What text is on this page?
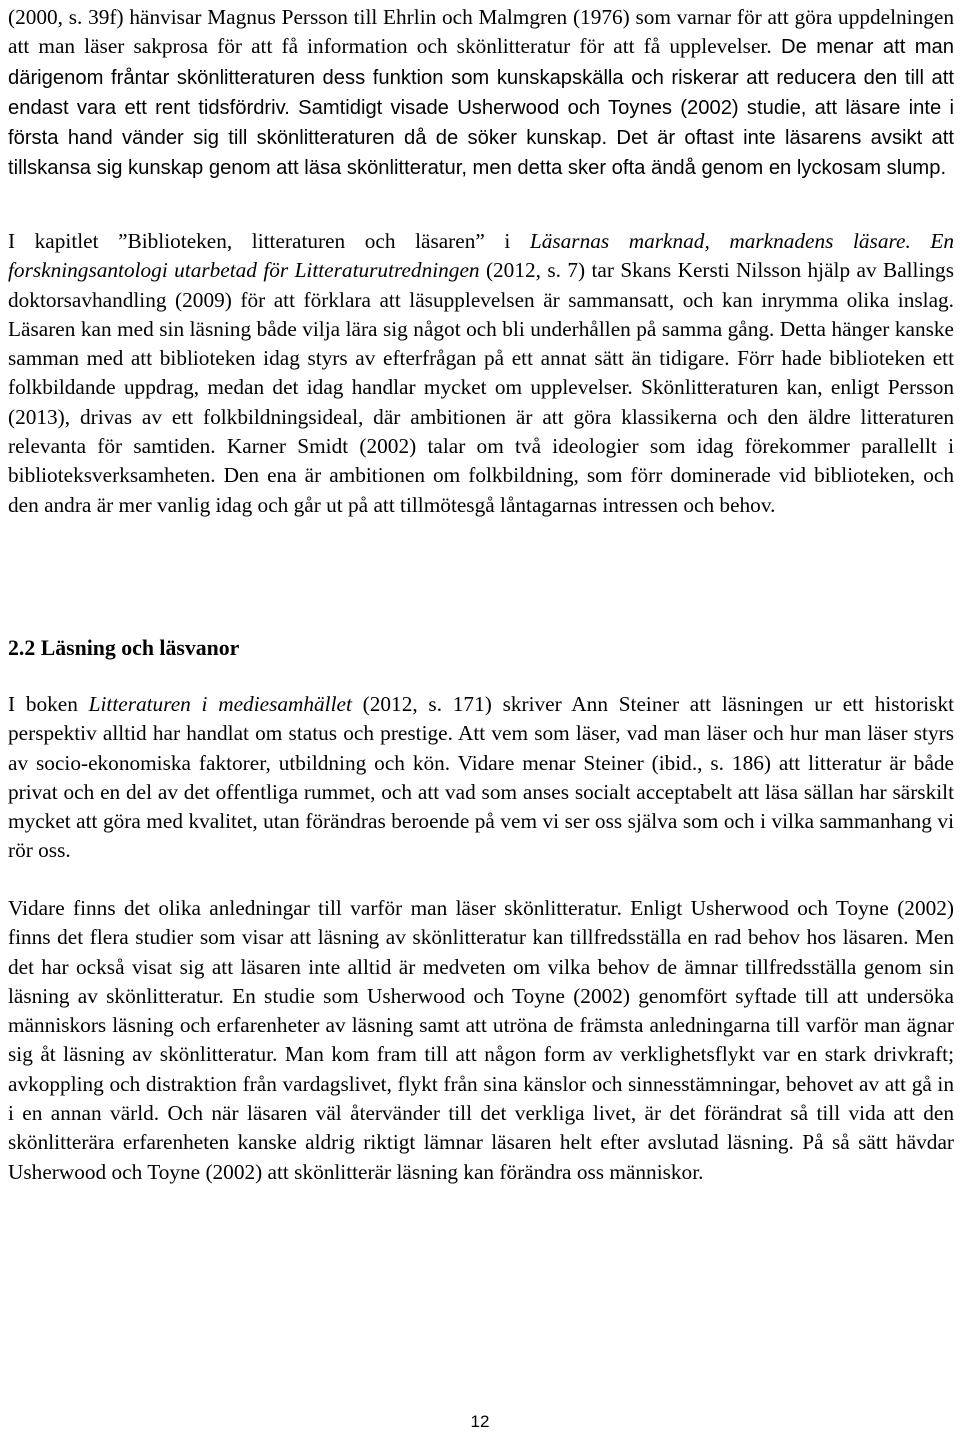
(2000, s. 39f) hänvisar Magnus Persson till Ehrlin och Malmgren (1976) som varnar för att göra uppdelningen att man läser sakprosa för att få information och skönlitteratur för att få upplevelser. De menar att man därigenom fråntar skönlitteraturen dess funktion som kunskapskälla och riskerar att reducera den till att endast vara ett rent tidsfördriv. Samtidigt visade Usherwood och Toynes (2002) studie, att läsare inte i första hand vänder sig till skönlitteraturen då de söker kunskap. Det är oftast inte läsarens avsikt att tillskansa sig kunskap genom att läsa skönlitteratur, men detta sker ofta ändå genom en lyckosam slump.

I kapitlet ”Biblioteken, litteraturen och läsaren” i Läsarnas marknad, marknadens läsare. En forskningsantologi utarbetad för Litteraturutredningen (2012, s. 7) tar Skans Kersti Nilsson hjälp av Ballings doktorsavhandling (2009) för att förklara att läsupplevelsen är sammansatt, och kan inrymma olika inslag. Läsaren kan med sin läsning både vilja lära sig något och bli underhållen på samma gång. Detta hänger kanske samman med att biblioteken idag styrs av efterfrågan på ett annat sätt än tidigare. Förr hade biblioteken ett folkbildande uppdrag, medan det idag handlar mycket om upplevelser. Skönlitteraturen kan, enligt Persson (2013), drivas av ett folkbildningsideal, där ambitionen är att göra klassikerna och den äldre litteraturen relevanta för samtiden. Karner Smidt (2002) talar om två ideologier som idag förekommer parallellt i biblioteksverksamheten. Den ena är ambitionen om folkbildning, som förr dominerade vid biblioteken, och den andra är mer vanlig idag och går ut på att tillmötesgå låntagarnas intressen och behov.

2.2 Läsning och läsvanor

I boken Litteraturen i mediesamhället (2012, s. 171) skriver Ann Steiner att läsningen ur ett historiskt perspektiv alltid har handlat om status och prestige. Att vem som läser, vad man läser och hur man läser styrs av socio-ekonomiska faktorer, utbildning och kön. Vidare menar Steiner (ibid., s. 186) att litteratur är både privat och en del av det offentliga rummet, och att vad som anses socialt acceptabelt att läsa sällan har särskilt mycket att göra med kvalitet, utan förändras beroende på vem vi ser oss själva som och i vilka sammanhang vi rör oss.

Vidare finns det olika anledningar till varför man läser skönlitteratur. Enligt Usherwood och Toyne (2002) finns det flera studier som visar att läsning av skönlitteratur kan tillfredsställa en rad behov hos läsaren. Men det har också visat sig att läsaren inte alltid är medveten om vilka behov de ämnar tillfredsställa genom sin läsning av skönlitteratur. En studie som Usherwood och Toyne (2002) genomfört syftade till att undersöka människors läsning och erfarenheter av läsning samt att utröna de främsta anledningarna till varför man ägnar sig åt läsning av skönlitteratur. Man kom fram till att någon form av verklighetsflykt var en stark drivkraft; avkoppling och distraktion från vardagslivet, flykt från sina känslor och sinnesstämningar, behovet av att gå in i en annan värld. Och när läsaren väl återvänder till det verkliga livet, är det förändrat så till vida att den skönlitterära erfarenheten kanske aldrig riktigt lämnar läsaren helt efter avslutad läsning. På så sätt hävdar Usherwood och Toyne (2002) att skönlitterär läsning kan förändra oss människor.

12
